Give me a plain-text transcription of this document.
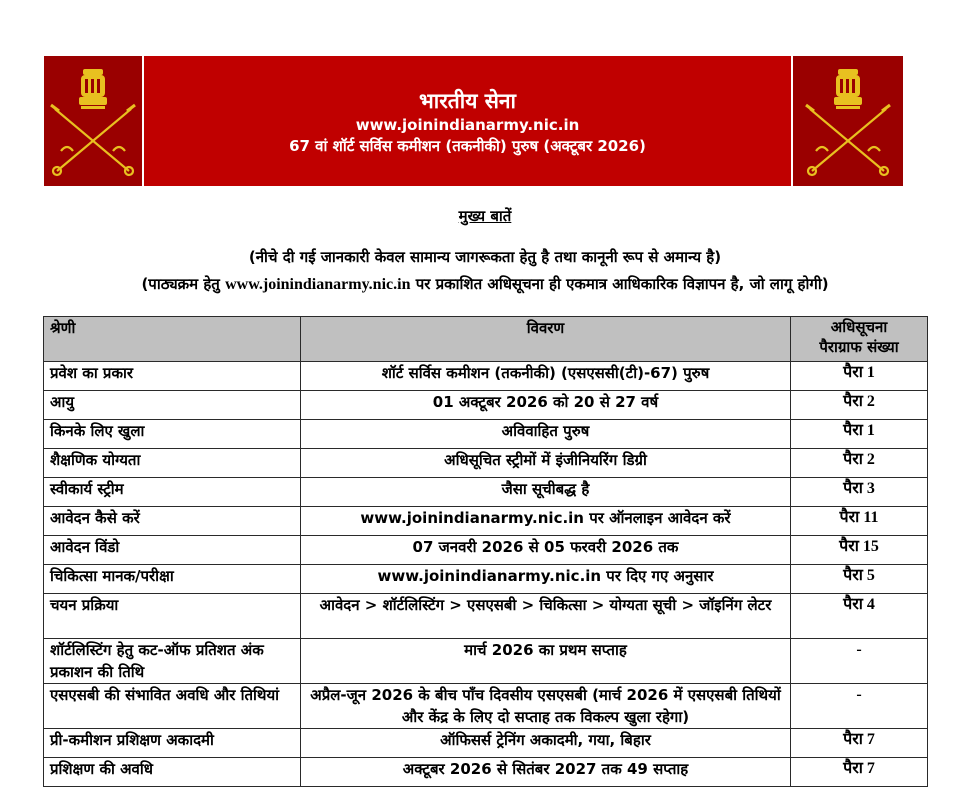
भारतीय सेना
www.joinindianarmy.nic.in
67 वां शॉर्ट सर्विस कमीशन (तकनीकी) पुरुष (अक्टूबर 2026)
मुख्य बातें
(नीचे दी गई जानकारी केवल सामान्य जागरूकता हेतु है तथा कानूनी रूप से अमान्य है)
(पाठ्यक्रम हेतु www.joinindianarmy.nic.in पर प्रकाशित अधिसूचना ही एकमात्र आधिकारिक विज्ञापन है, जो लागू होगी)
श्रेणी	विवरण	अधिसूचना
पैराग्राफ संख्या

प्रवेश का प्रकार	शॉर्ट सर्विस कमीशन (तकनीकी) (एसएससी(टी)-67) पुरुष	पैरा 1
आयु	01 अक्टूबर 2026 को 20 से 27 वर्ष	पैरा 2
किनके लिए खुला	अविवाहित पुरुष	पैरा 1
शैक्षणिक योग्यता	अधिसूचित स्ट्रीमों में इंजीनियरिंग डिग्री	पैरा 2
स्वीकार्य स्ट्रीम	जैसा सूचीबद्ध है	पैरा 3
आवेदन कैसे करें	www.joinindianarmy.nic.in पर ऑनलाइन आवेदन करें	पैरा 11
आवेदन विंडो	07 जनवरी 2026 से 05 फरवरी 2026 तक	पैरा 15
चिकित्सा मानक/परीक्षा	www.joinindianarmy.nic.in पर दिए गए अनुसार	पैरा 5
चयन प्रक्रिया	आवेदन > शॉर्टलिस्टिंग > एसएसबी > चिकित्सा > योग्यता सूची > जॉइनिंग लेटर	पैरा 4
शॉर्टलिस्टिंग हेतु कट-ऑफ प्रतिशत अंक प्रकाशन की तिथि	मार्च 2026 का प्रथम सप्ताह	-
एसएसबी की संभावित अवधि और तिथियां	अप्रैल-जून 2026 के बीच पाँच दिवसीय एसएसबी (मार्च 2026 में एसएसबी तिथियों और केंद्र के लिए दो सप्ताह तक विकल्प खुला रहेगा)	-
प्री-कमीशन प्रशिक्षण अकादमी	ऑफिसर्स ट्रेनिंग अकादमी, गया, बिहार	पैरा 7
प्रशिक्षण की अवधि	अक्टूबर 2026 से सितंबर 2027 तक 49 सप्ताह	पैरा 7
